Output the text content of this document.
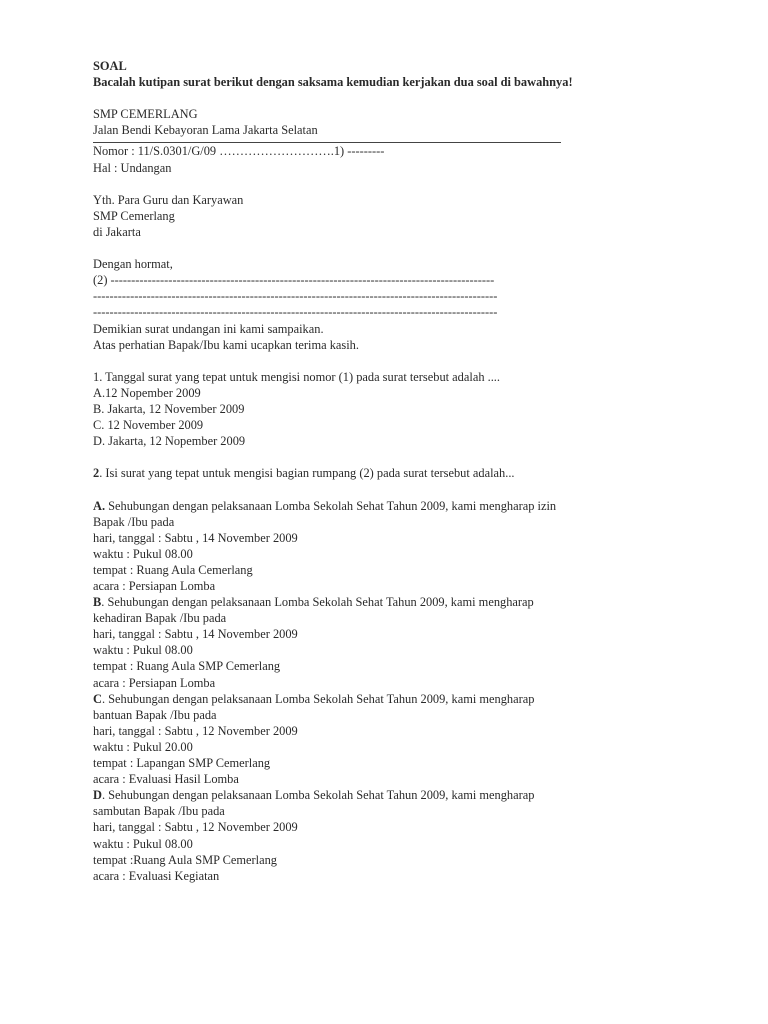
SOAL
Bacalah kutipan surat berikut dengan saksama kemudian kerjakan dua soal di bawahnya!
SMP CEMERLANG
Jalan Bendi Kebayoran Lama Jakarta Selatan
Nomor : 11/S.0301/G/09 ……………………….1) ---------
Hal : Undangan
Yth. Para Guru dan Karyawan
SMP Cemerlang
di Jakarta
Dengan hormat,
(2) ---------------------------------------------------------------------------------------------
--------------------------------------------------------------------------------------------------
--------------------------------------------------------------------------------------------------
Demikian surat undangan ini kami sampaikan.
Atas perhatian Bapak/Ibu kami ucapkan terima kasih.
1. Tanggal surat yang tepat untuk mengisi nomor (1) pada surat tersebut adalah ....
A.12 Nopember 2009
B. Jakarta, 12 November 2009
C. 12 November 2009
D. Jakarta, 12 Nopember 2009
2. Isi surat yang tepat untuk mengisi bagian rumpang (2) pada surat tersebut adalah...
A. Sehubungan dengan pelaksanaan Lomba Sekolah Sehat Tahun 2009, kami mengharap izin
Bapak /Ibu pada
hari, tanggal : Sabtu , 14 November 2009
waktu : Pukul 08.00
tempat : Ruang Aula Cemerlang
acara : Persiapan Lomba
B. Sehubungan dengan pelaksanaan Lomba Sekolah Sehat Tahun 2009, kami mengharap
kehadiran Bapak /Ibu pada
hari, tanggal : Sabtu , 14 November 2009
waktu : Pukul 08.00
tempat : Ruang Aula SMP Cemerlang
acara : Persiapan Lomba
C. Sehubungan dengan pelaksanaan Lomba Sekolah Sehat Tahun 2009, kami mengharap
bantuan Bapak /Ibu pada
hari, tanggal : Sabtu , 12 November 2009
waktu : Pukul 20.00
tempat : Lapangan SMP Cemerlang
acara : Evaluasi Hasil Lomba
D. Sehubungan dengan pelaksanaan Lomba Sekolah Sehat Tahun 2009, kami mengharap
sambutan Bapak /Ibu pada
hari, tanggal : Sabtu , 12 November 2009
waktu : Pukul 08.00
tempat :Ruang Aula SMP Cemerlang
acara : Evaluasi Kegiatan
